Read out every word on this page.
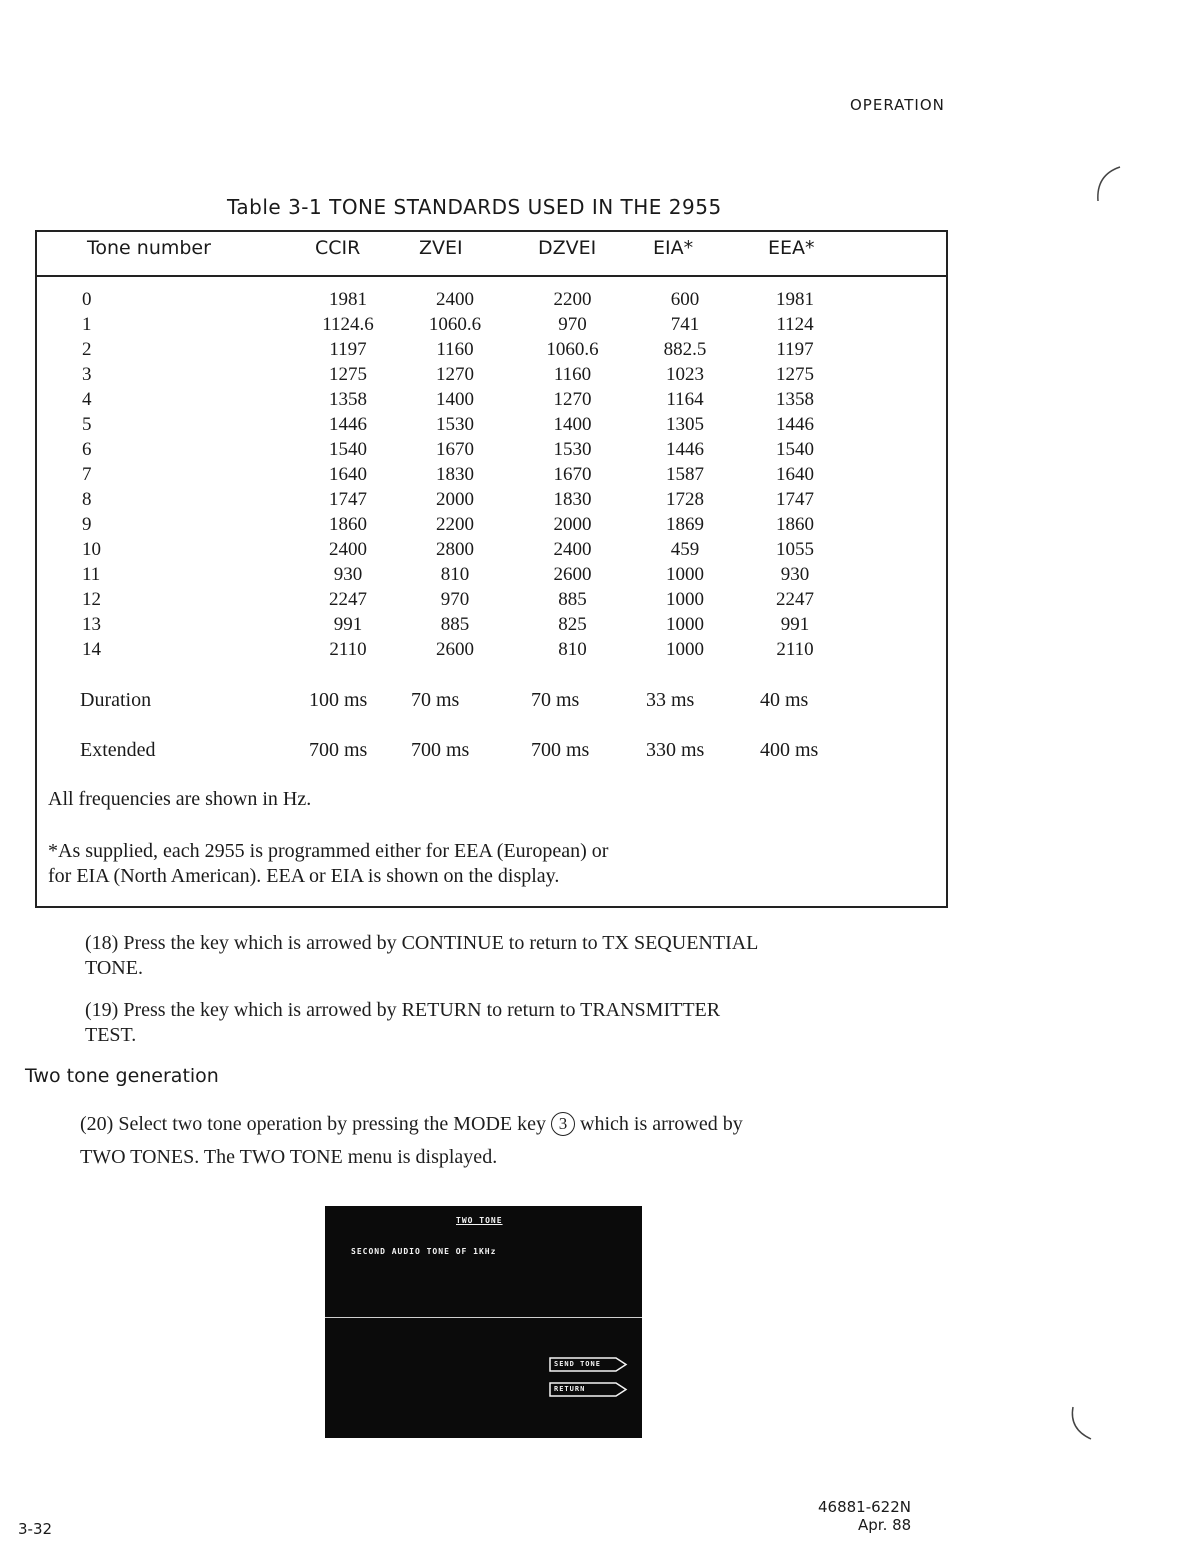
OPERATION
Table 3-1 TONE STANDARDS USED IN THE 2955
Tone number	CCIR	ZVEI	DZVEI	EIA*	EEA*
0	1981	2400	2200	600	1981
1	1124.6	1060.6	970	741	1124
2	1197	1160	1060.6	882.5	1197
3	1275	1270	1160	1023	1275
4	1358	1400	1270	1164	1358
5	1446	1530	1400	1305	1446
6	1540	1670	1530	1446	1540
7	1640	1830	1670	1587	1640
8	1747	2000	1830	1728	1747
9	1860	2200	2000	1869	1860
10	2400	2800	2400	459	1055
11	930	810	2600	1000	930
12	2247	970	885	1000	2247
13	991	885	825	1000	991
14	2110	2600	810	1000	2110
Duration	100 ms 70 ms	70 ms	33 ms	40 ms
Extended	700 ms 700 ms	700 ms	330 ms	400 ms
All frequencies are shown in Hz.
*As supplied, each 2955 is programmed either for EEA (European) or
for EIA (North American). EEA or EIA is shown on the display.
(18) Press the key which is arrowed by CONTINUE to return to TX SEQUENTIAL
TONE.
(19) Press the key which is arrowed by RETURN to return to TRANSMITTER
TEST.
Two tone generation
(20) Select two tone operation by pressing the MODE key 3 which is arrowed by
TWO TONES. The TWO TONE menu is displayed.
TWO TONE
SECOND AUDIO TONE OF 1KHz
SEND TONE
RETURN
3-32
46881-622N
Apr. 88
